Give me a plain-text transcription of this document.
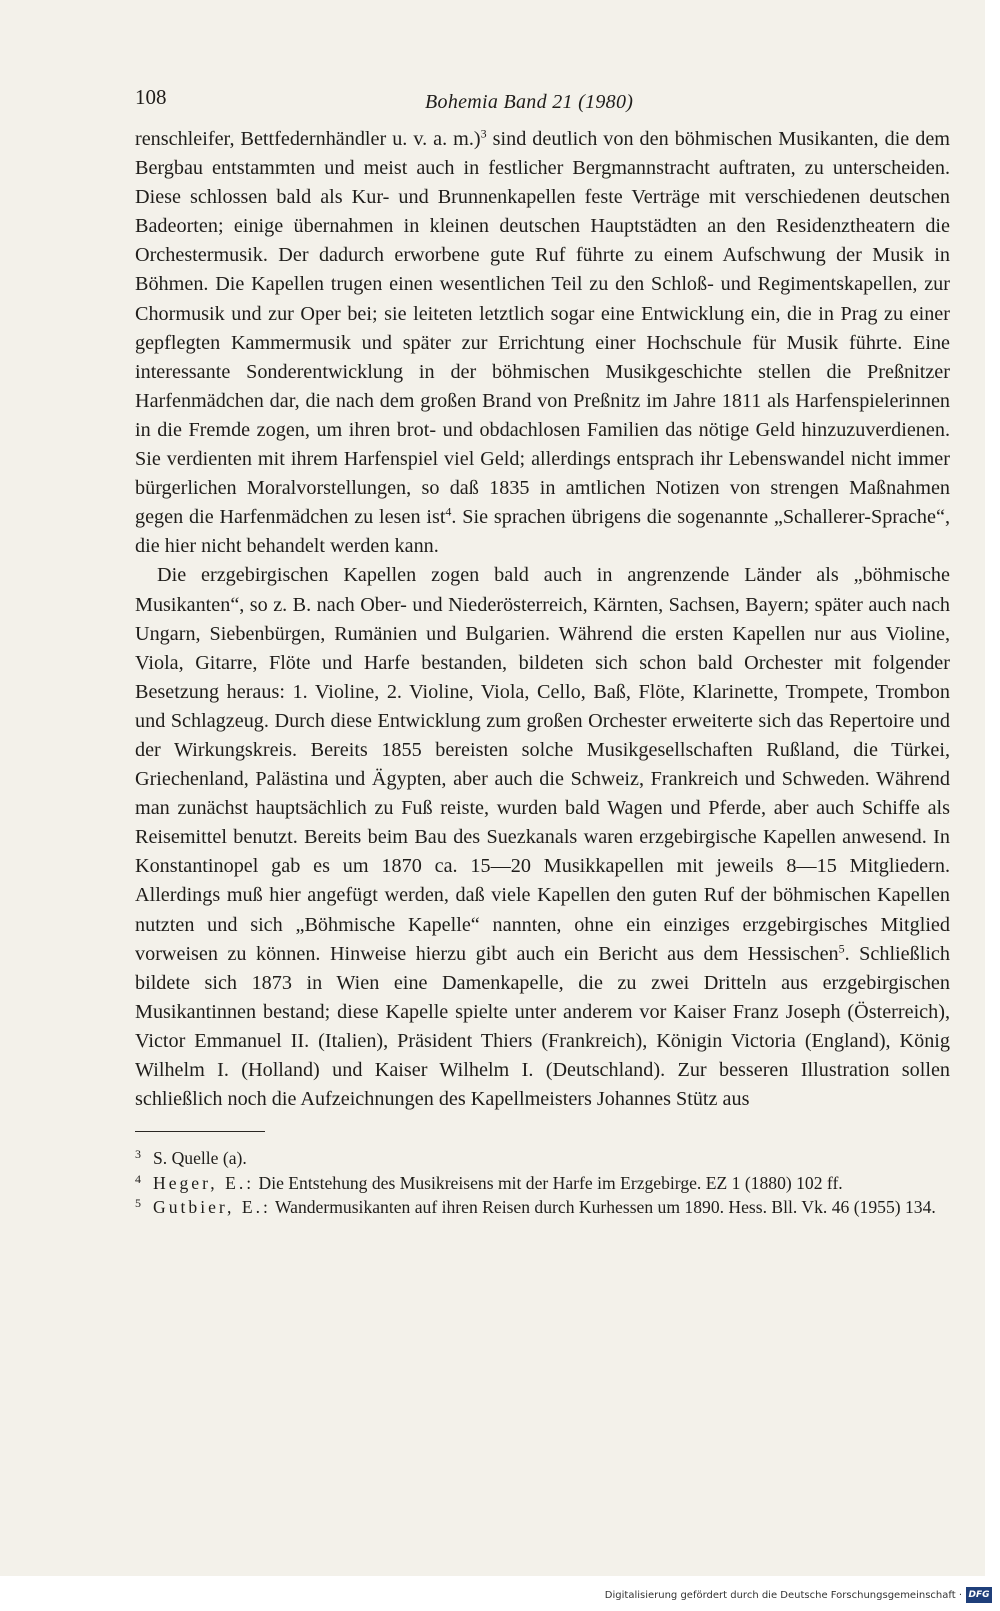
108	Bohemia Band 21 (1980)

renschleifer, Bettfedernhändler u. v. a. m.)$^3$ sind deutlich von den böhmischen Musikanten, die dem Bergbau entstammten und meist auch in festlicher Bergmannstracht auftraten, zu unterscheiden. Diese schlossen bald als Kur- und Brunnenkapellen feste Verträge mit verschiedenen deutschen Badeorten; einige übernahmen in kleinen deutschen Hauptstädten an den Residenztheatern die Orchestermusik. Der dadurch erworbene gute Ruf führte zu einem Aufschwung der Musik in Böhmen. Die Kapellen trugen einen wesentlichen Teil zu den Schloß- und Regimentskapellen, zur Chormusik und zur Oper bei; sie leiteten letztlich sogar eine Entwicklung ein, die in Prag zu einer gepflegten Kammermusik und später zur Errichtung einer Hochschule für Musik führte. Eine interessante Sonderentwicklung in der böhmischen Musikgeschichte stellen die Preßnitzer Harfenmädchen dar, die nach dem großen Brand von Preßnitz im Jahre 1811 als Harfenspielerinnen in die Fremde zogen, um ihren brot- und obdachlosen Familien das nötige Geld hinzuzuverdienen. Sie verdienten mit ihrem Harfenspiel viel Geld; allerdings entsprach ihr Lebenswandel nicht immer bürgerlichen Moralvorstellungen, so daß 1835 in amtlichen Notizen von strengen Maßnahmen gegen die Harfenmädchen zu lesen ist$^4$. Sie sprachen übrigens die sogenannte „Schallerer-Sprache“, die hier nicht behandelt werden kann.

Die erzgebirgischen Kapellen zogen bald auch in angrenzende Länder als „böhmische Musikanten“, so z. B. nach Ober- und Niederösterreich, Kärnten, Sachsen, Bayern; später auch nach Ungarn, Siebenbürgen, Rumänien und Bulgarien. Während die ersten Kapellen nur aus Violine, Viola, Gitarre, Flöte und Harfe bestanden, bildeten sich schon bald Orchester mit folgender Besetzung heraus: 1. Violine, 2. Violine, Viola, Cello, Baß, Flöte, Klarinette, Trompete, Trombon und Schlagzeug. Durch diese Entwicklung zum großen Orchester erweiterte sich das Repertoire und der Wirkungskreis. Bereits 1855 bereisten solche Musikgesellschaften Rußland, die Türkei, Griechenland, Palästina und Ägypten, aber auch die Schweiz, Frankreich und Schweden. Während man zunächst hauptsächlich zu Fuß reiste, wurden bald Wagen und Pferde, aber auch Schiffe als Reisemittel benutzt. Bereits beim Bau des Suezkanals waren erzgebirgische Kapellen anwesend. In Konstantinopel gab es um 1870 ca. 15—20 Musikkapellen mit jeweils 8—15 Mitgliedern. Allerdings muß hier angefügt werden, daß viele Kapellen den guten Ruf der böhmischen Kapellen nutzten und sich „Böhmische Kapelle“ nannten, ohne ein einziges erzgebirgisches Mitglied vorweisen zu können. Hinweise hierzu gibt auch ein Bericht aus dem Hessischen$^5$. Schließlich bildete sich 1873 in Wien eine Damenkapelle, die zu zwei Dritteln aus erzgebirgischen Musikantinnen bestand; diese Kapelle spielte unter anderem vor Kaiser Franz Joseph (Österreich), Victor Emmanuel II. (Italien), Präsident Thiers (Frankreich), Königin Victoria (England), König Wilhelm I. (Holland) und Kaiser Wilhelm I. (Deutschland). Zur besseren Illustration sollen schließlich noch die Aufzeichnungen des Kapellmeisters Johannes Stütz aus

3 S. Quelle (a).
4 Heger, E.: Die Entstehung des Musikreisens mit der Harfe im Erzgebirge. EZ 1 (1880) 102 ff.
5 Gutbier, E.: Wandermusikanten auf ihren Reisen durch Kurhessen um 1890. Hess. Bll. Vk. 46 (1955) 134.
Digitalisierung gefördert durch die Deutsche Forschungsgemeinschaft · DFG
